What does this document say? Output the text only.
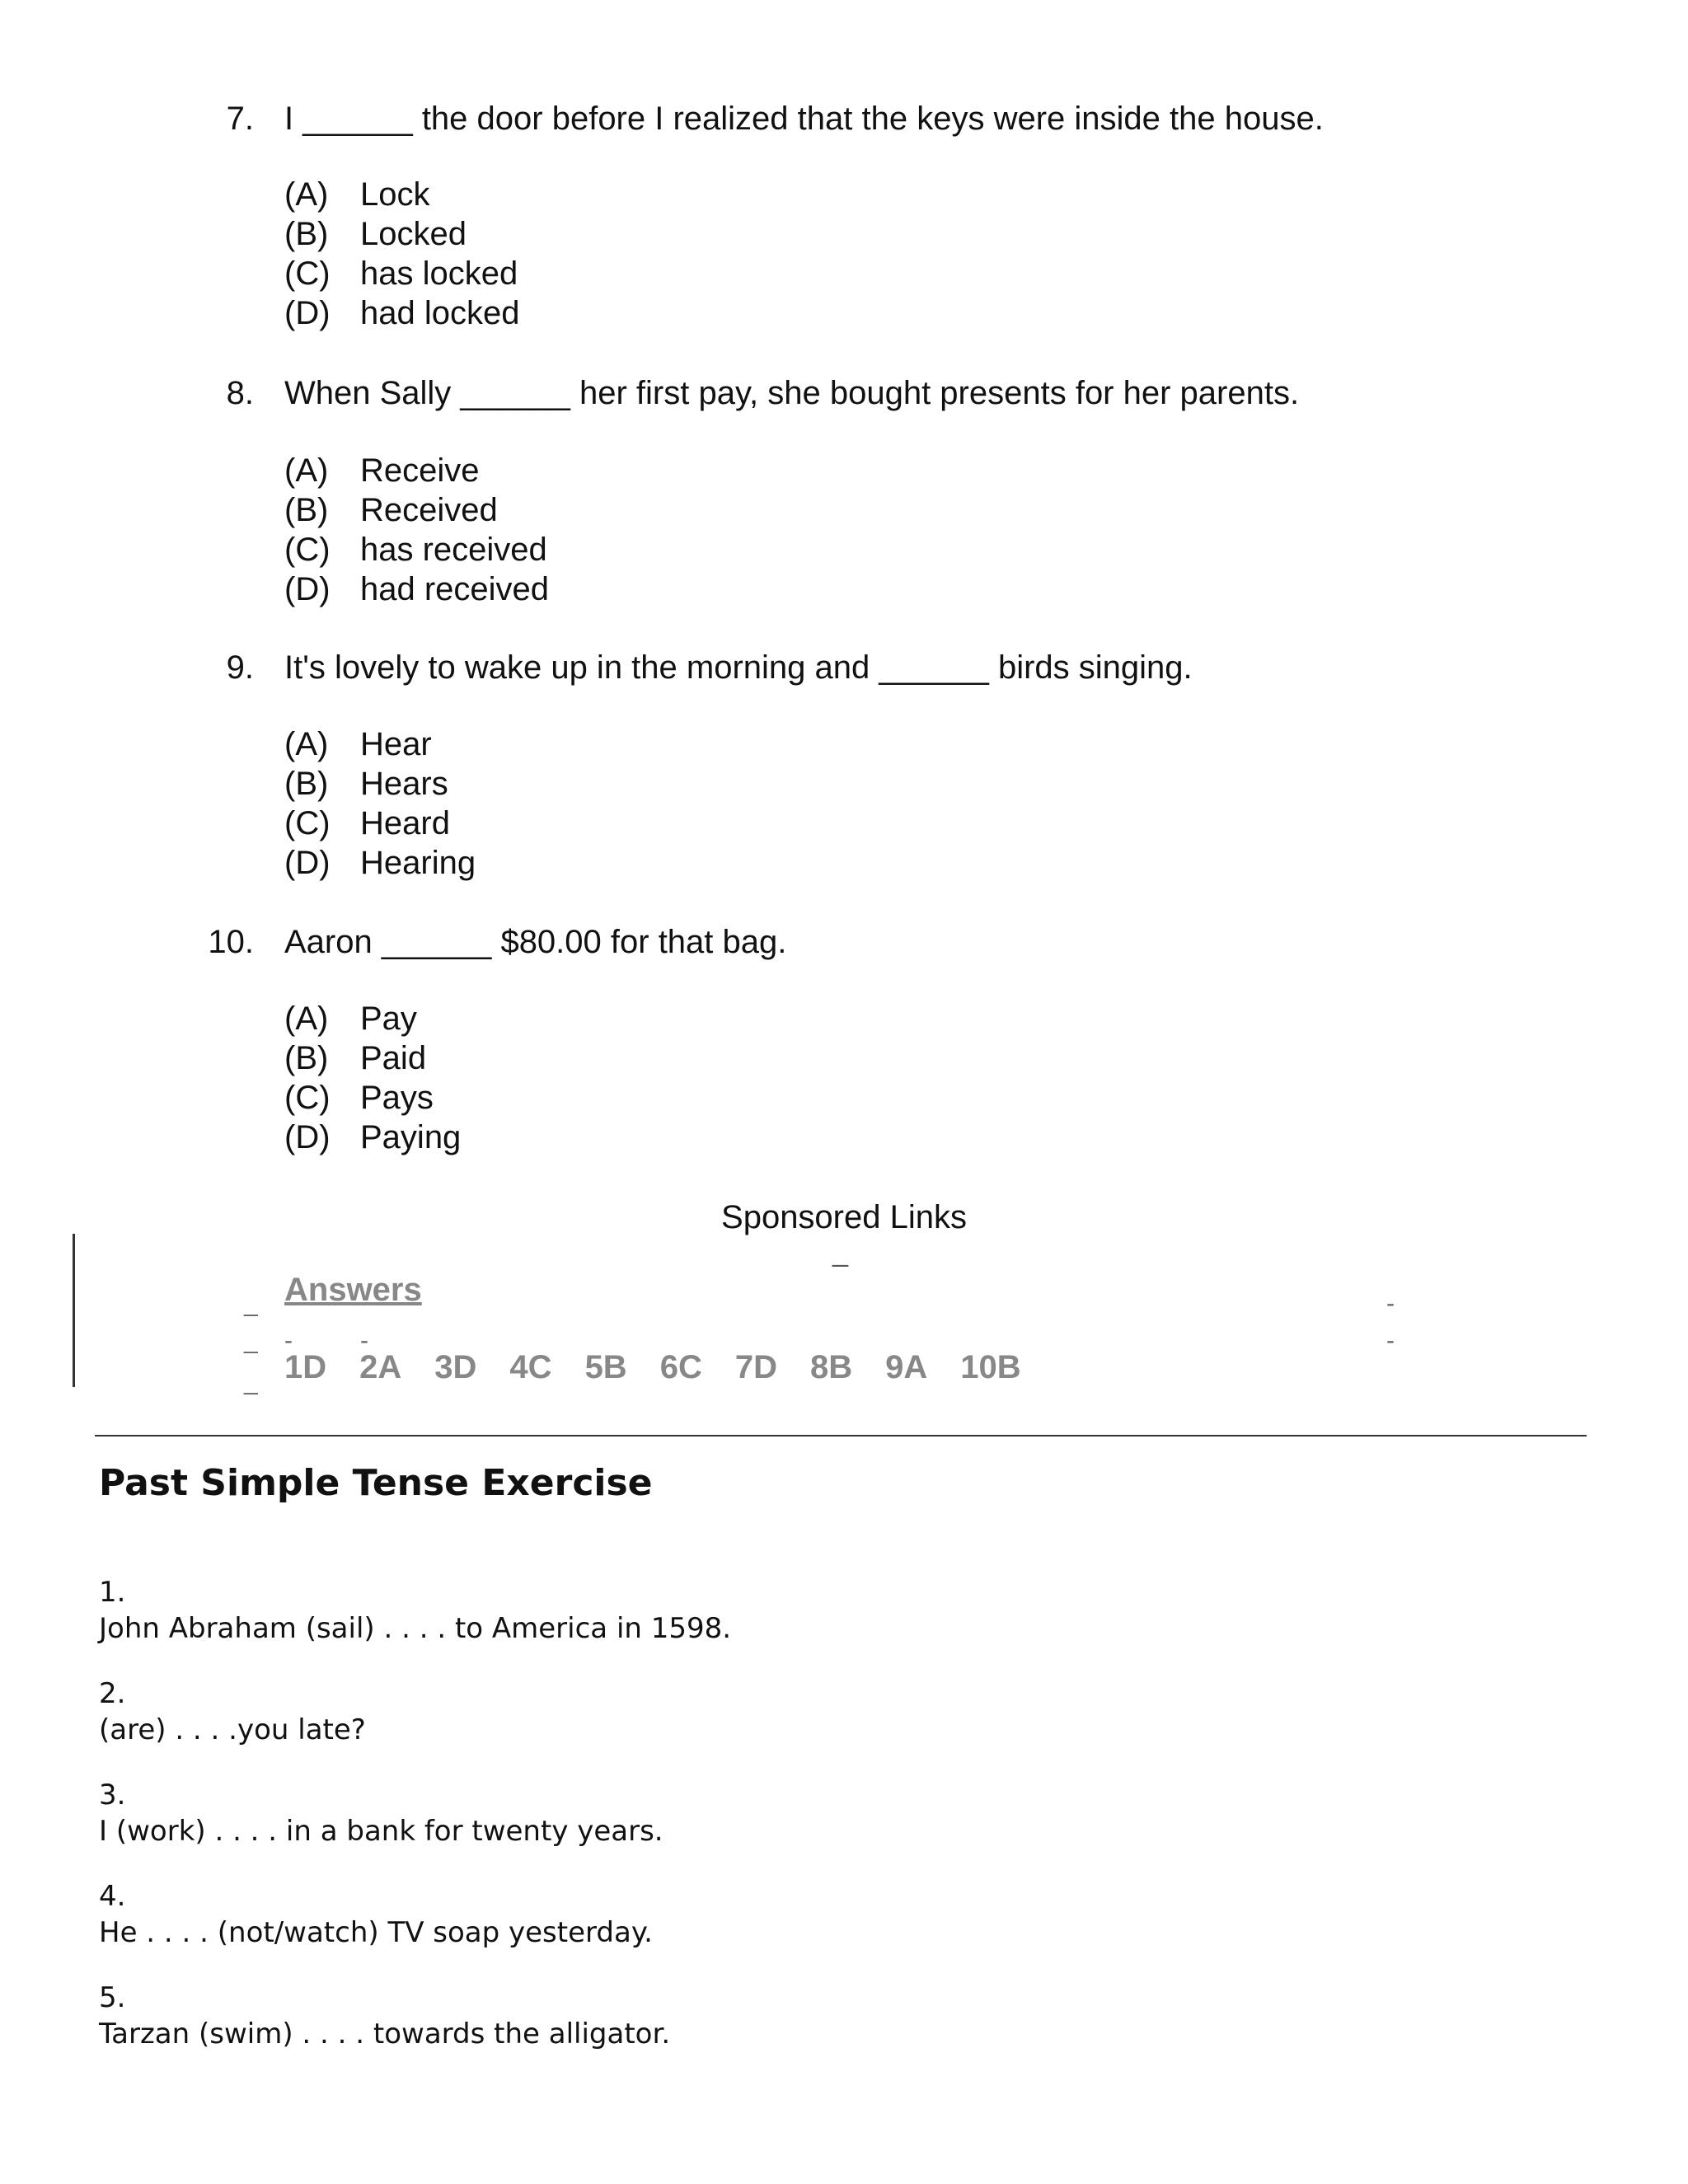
7. I ______ the door before I realized that the keys were inside the house.
(A) Lock
(B) Locked
(C) has locked
(D) had locked
8. When Sally ______ her first pay, she bought presents for her parents.
(A) Receive
(B) Received
(C) has received
(D) had received
9. It's lovely to wake up in the morning and ______ birds singing.
(A) Hear
(B) Hears
(C) Heard
(D) Hearing
10. Aaron ______ $80.00 for that bag.
(A) Pay
(B) Paid
(C) Pays
(D) Paying
Sponsored Links
_
_
_
_
-	-
-
-
Answers
1D 2A 3D 4C 5B 6C 7D 8B 9A 10B
Past Simple Tense Exercise
1.
John Abraham (sail) . . . . to America in 1598.
2.
(are) . . . .you late?
3.
I (work) . . . . in a bank for twenty years.
4.
He . . . . (not/watch) TV soap yesterday.
5.
Tarzan (swim) . . . . towards the alligator.
